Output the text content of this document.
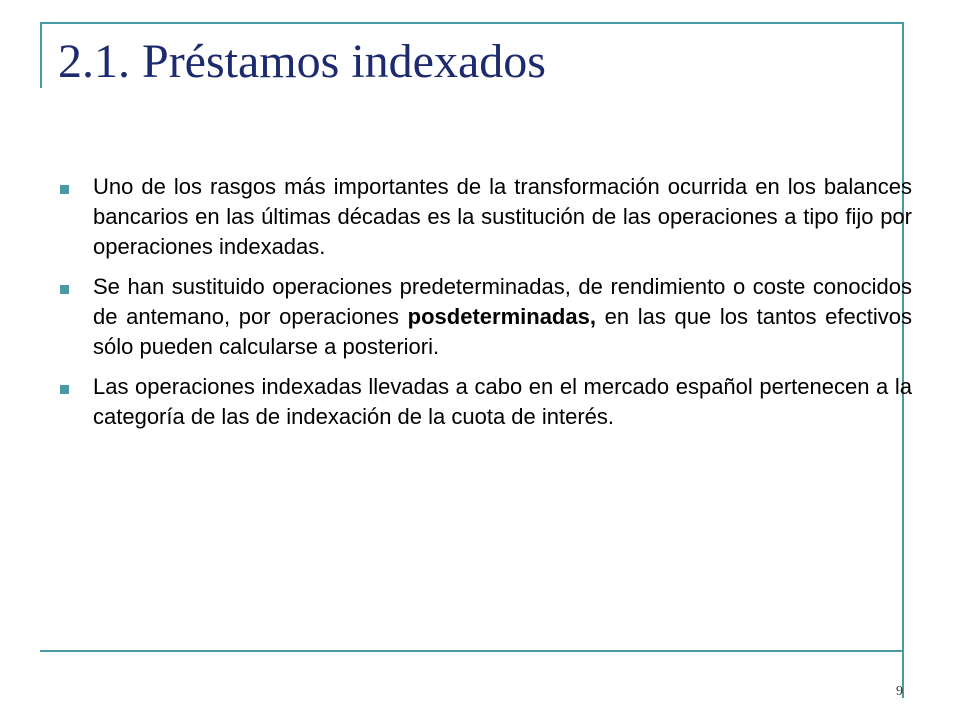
2.1. Préstamos indexados
Uno de los rasgos más importantes de la transformación ocurrida en los balances bancarios en las últimas décadas es la sustitución de las operaciones a tipo fijo por operaciones indexadas.
Se han sustituido operaciones predeterminadas, de rendimiento o coste conocidos de antemano, por operaciones posdeterminadas, en las que los tantos efectivos sólo pueden calcularse a posteriori.
Las operaciones indexadas llevadas a cabo en el mercado español pertenecen a la categoría de las de indexación de la cuota de interés.
9
